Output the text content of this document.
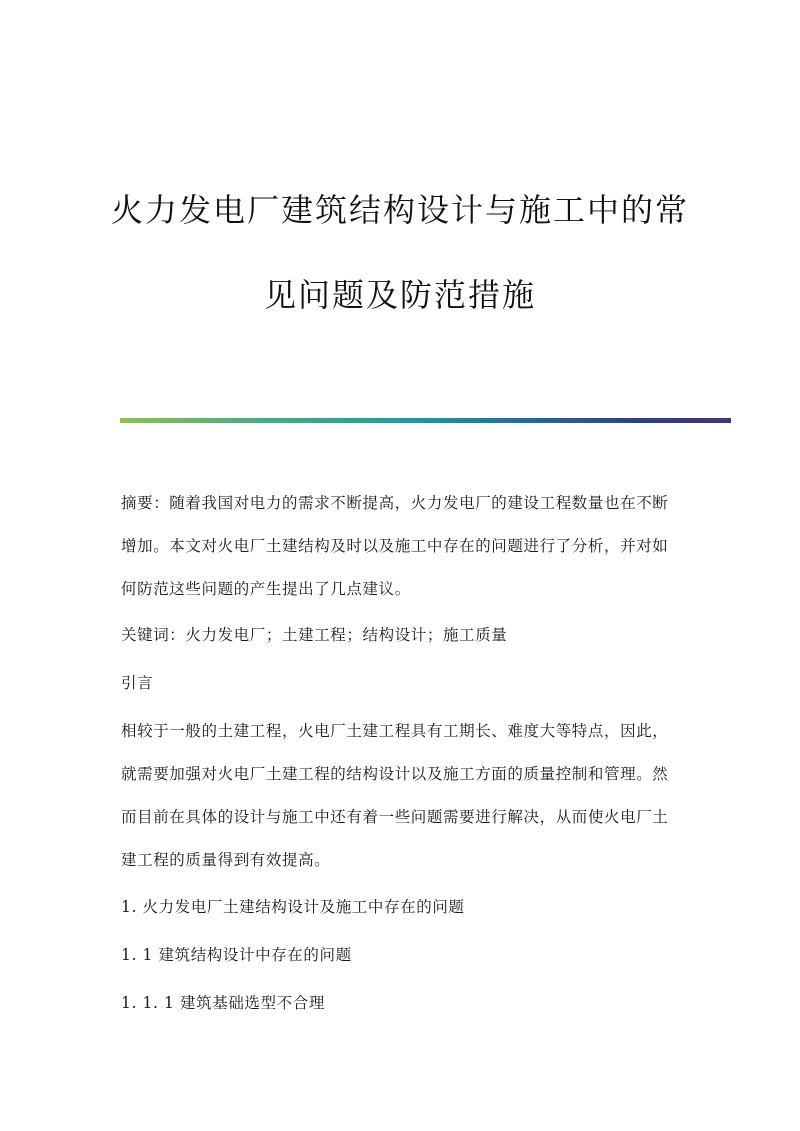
火力发电厂建筑结构设计与施工中的常
见问题及防范措施
摘要：随着我国对电力的需求不断提高，火力发电厂的建设工程数量也在不断
增加。本文对火电厂土建结构及时以及施工中存在的问题进行了分析，并对如
何防范这些问题的产生提出了几点建议。
关键词：火力发电厂；土建工程；结构设计；施工质量
引言
相较于一般的土建工程，火电厂土建工程具有工期长、难度大等特点，因此，
就需要加强对火电厂土建工程的结构设计以及施工方面的质量控制和管理。然
而目前在具体的设计与施工中还有着一些问题需要进行解决，从而使火电厂土
建工程的质量得到有效提高。
1. 火力发电厂土建结构设计及施工中存在的问题
1. 1 建筑结构设计中存在的问题
1. 1. 1 建筑基础选型不合理
